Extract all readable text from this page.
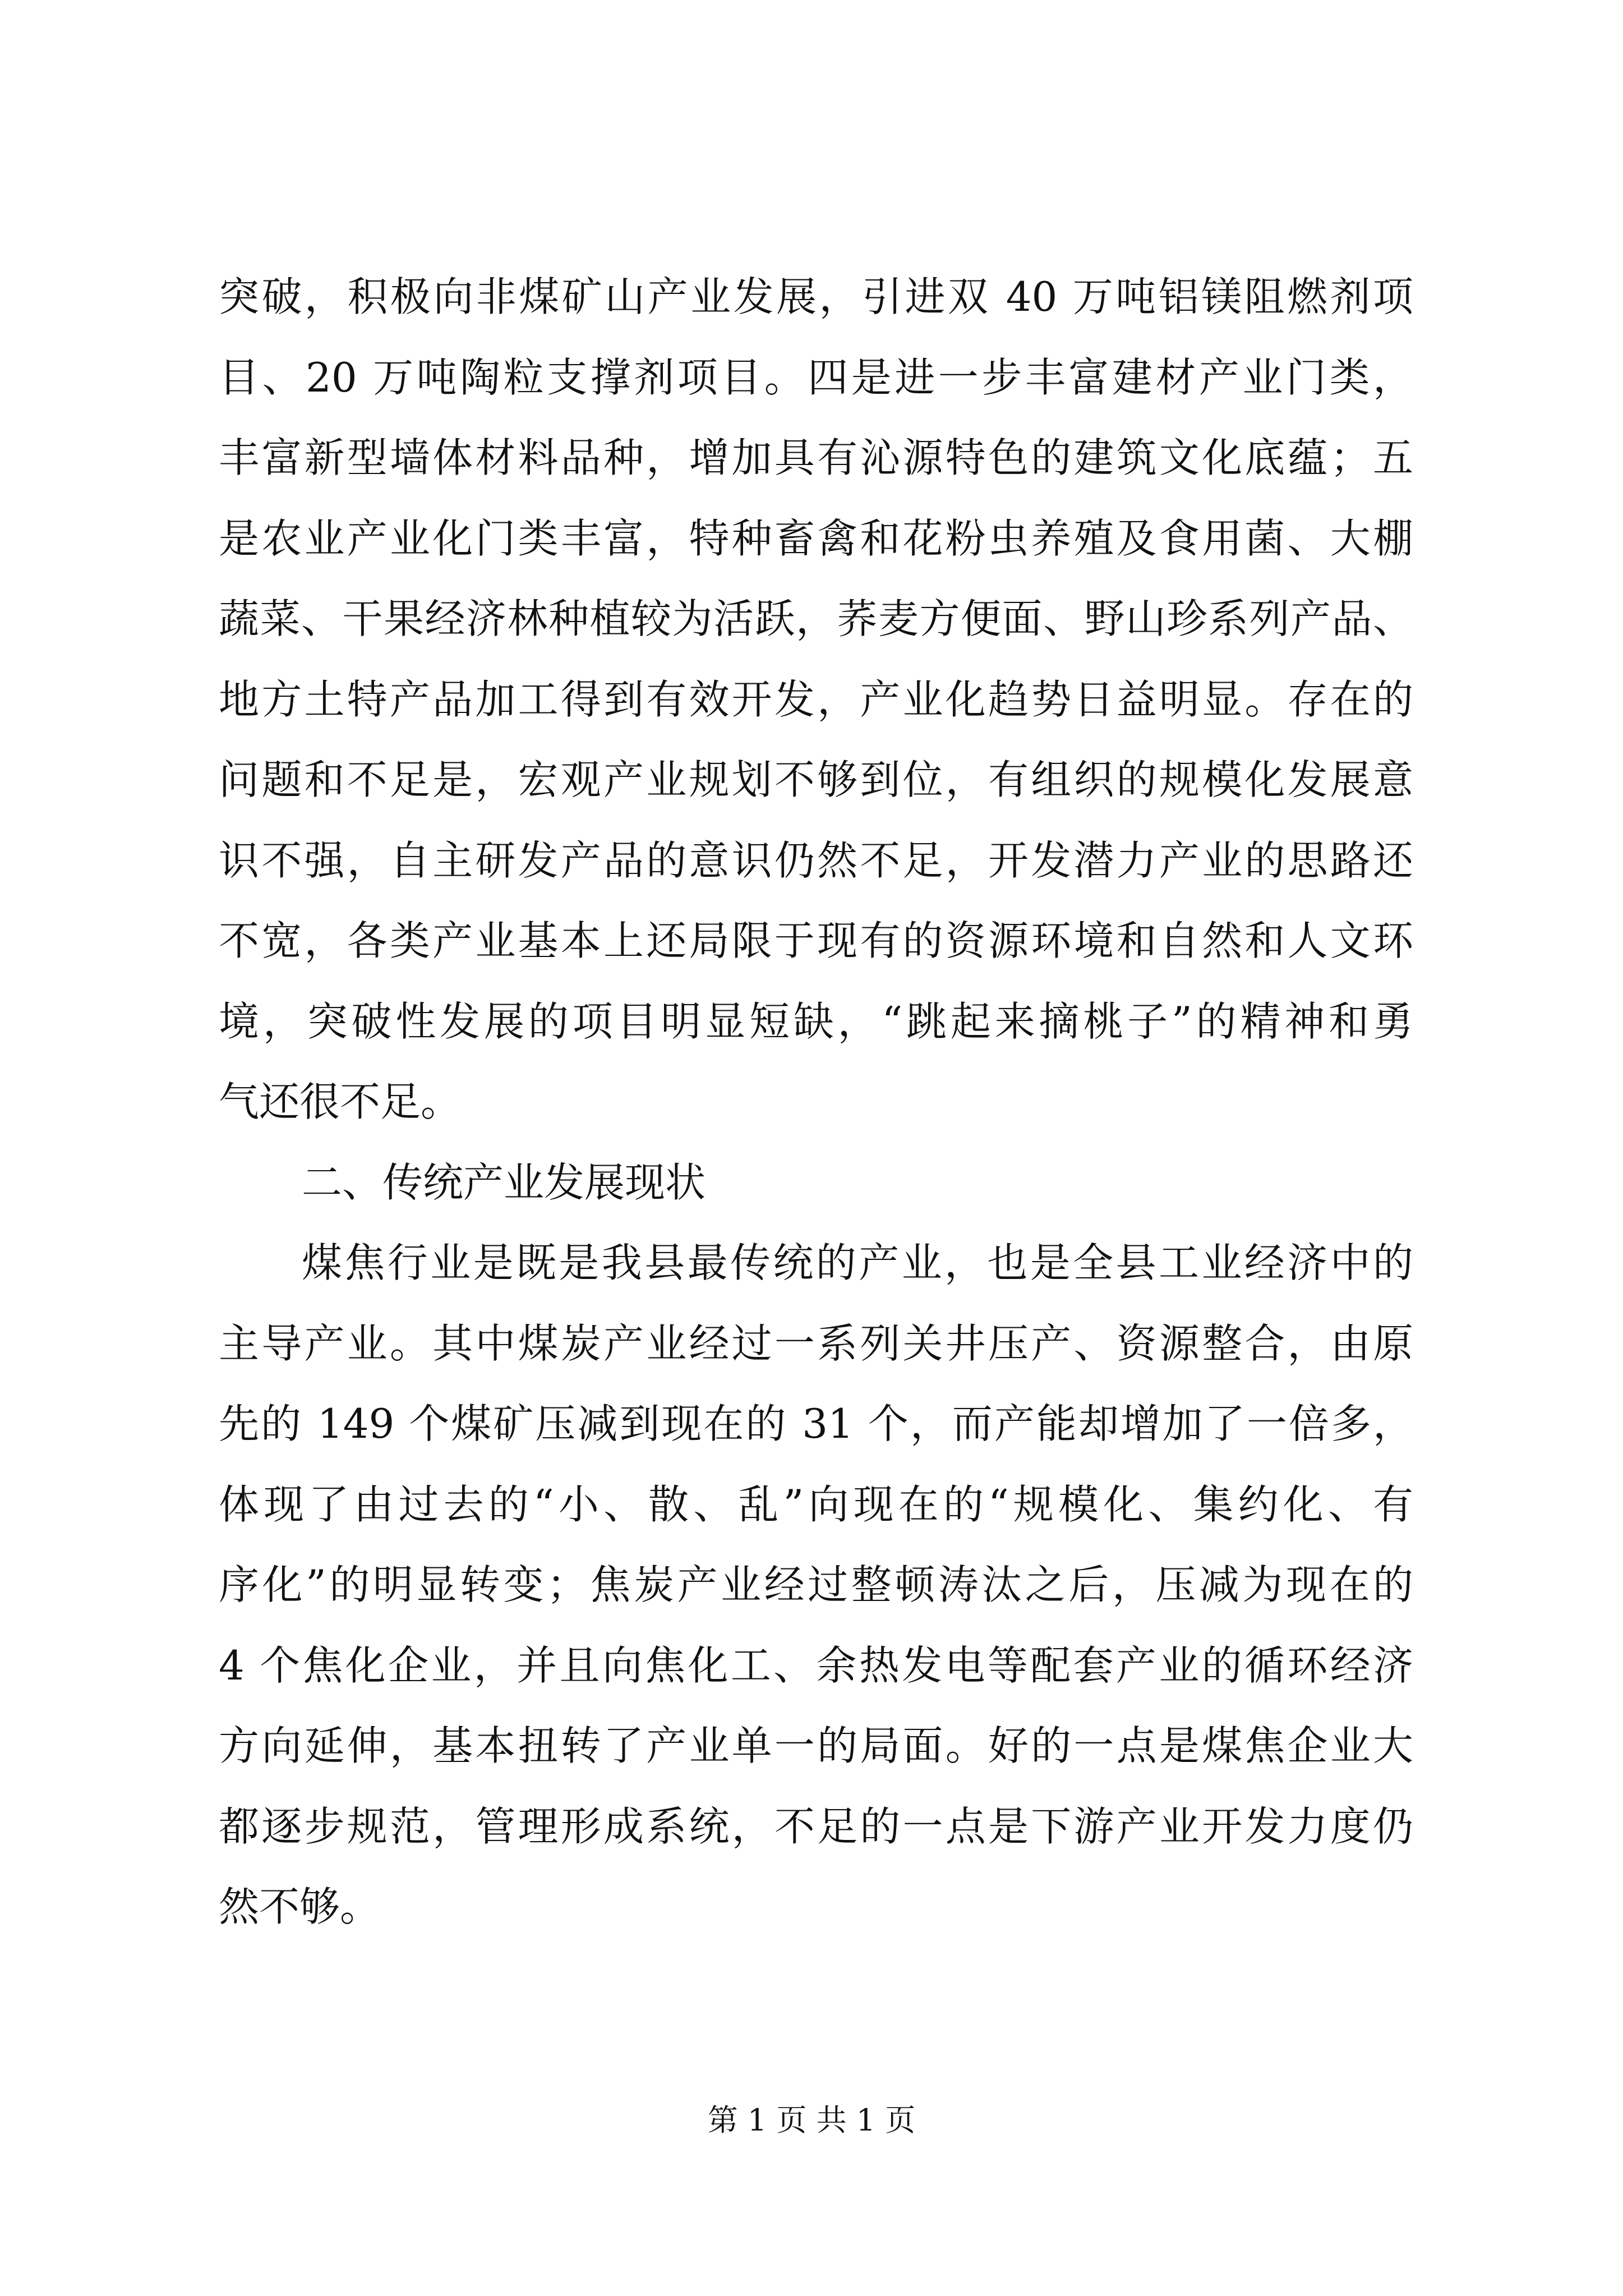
突破，积极向非煤矿山产业发展，引进双 40 万吨铝镁阻燃剂项
目、20 万吨陶粒支撑剂项目。四是进一步丰富建材产业门类，
丰富新型墙体材料品种，增加具有沁源特色的建筑文化底蕴；五
是农业产业化门类丰富，特种畜禽和花粉虫养殖及食用菌、大棚
蔬菜、干果经济林种植较为活跃，荞麦方便面、野山珍系列产品、
地方土特产品加工得到有效开发，产业化趋势日益明显。存在的
问题和不足是，宏观产业规划不够到位，有组织的规模化发展意
识不强，自主研发产品的意识仍然不足，开发潜力产业的思路还
不宽，各类产业基本上还局限于现有的资源环境和自然和人文环
境，突破性发展的项目明显短缺，“跳起来摘桃子”的精神和勇
气还很不足。
二、传统产业发展现状
煤焦行业是既是我县最传统的产业，也是全县工业经济中的
主导产业。其中煤炭产业经过一系列关井压产、资源整合，由原
先的 149 个煤矿压减到现在的 31 个，而产能却增加了一倍多，
体现了由过去的“小、散、乱”向现在的“规模化、集约化、有
序化”的明显转变；焦炭产业经过整顿涛汰之后，压减为现在的
4 个焦化企业，并且向焦化工、余热发电等配套产业的循环经济
方向延伸，基本扭转了产业单一的局面。好的一点是煤焦企业大
都逐步规范，管理形成系统，不足的一点是下游产业开发力度仍
然不够。
第 1 页 共 1 页
